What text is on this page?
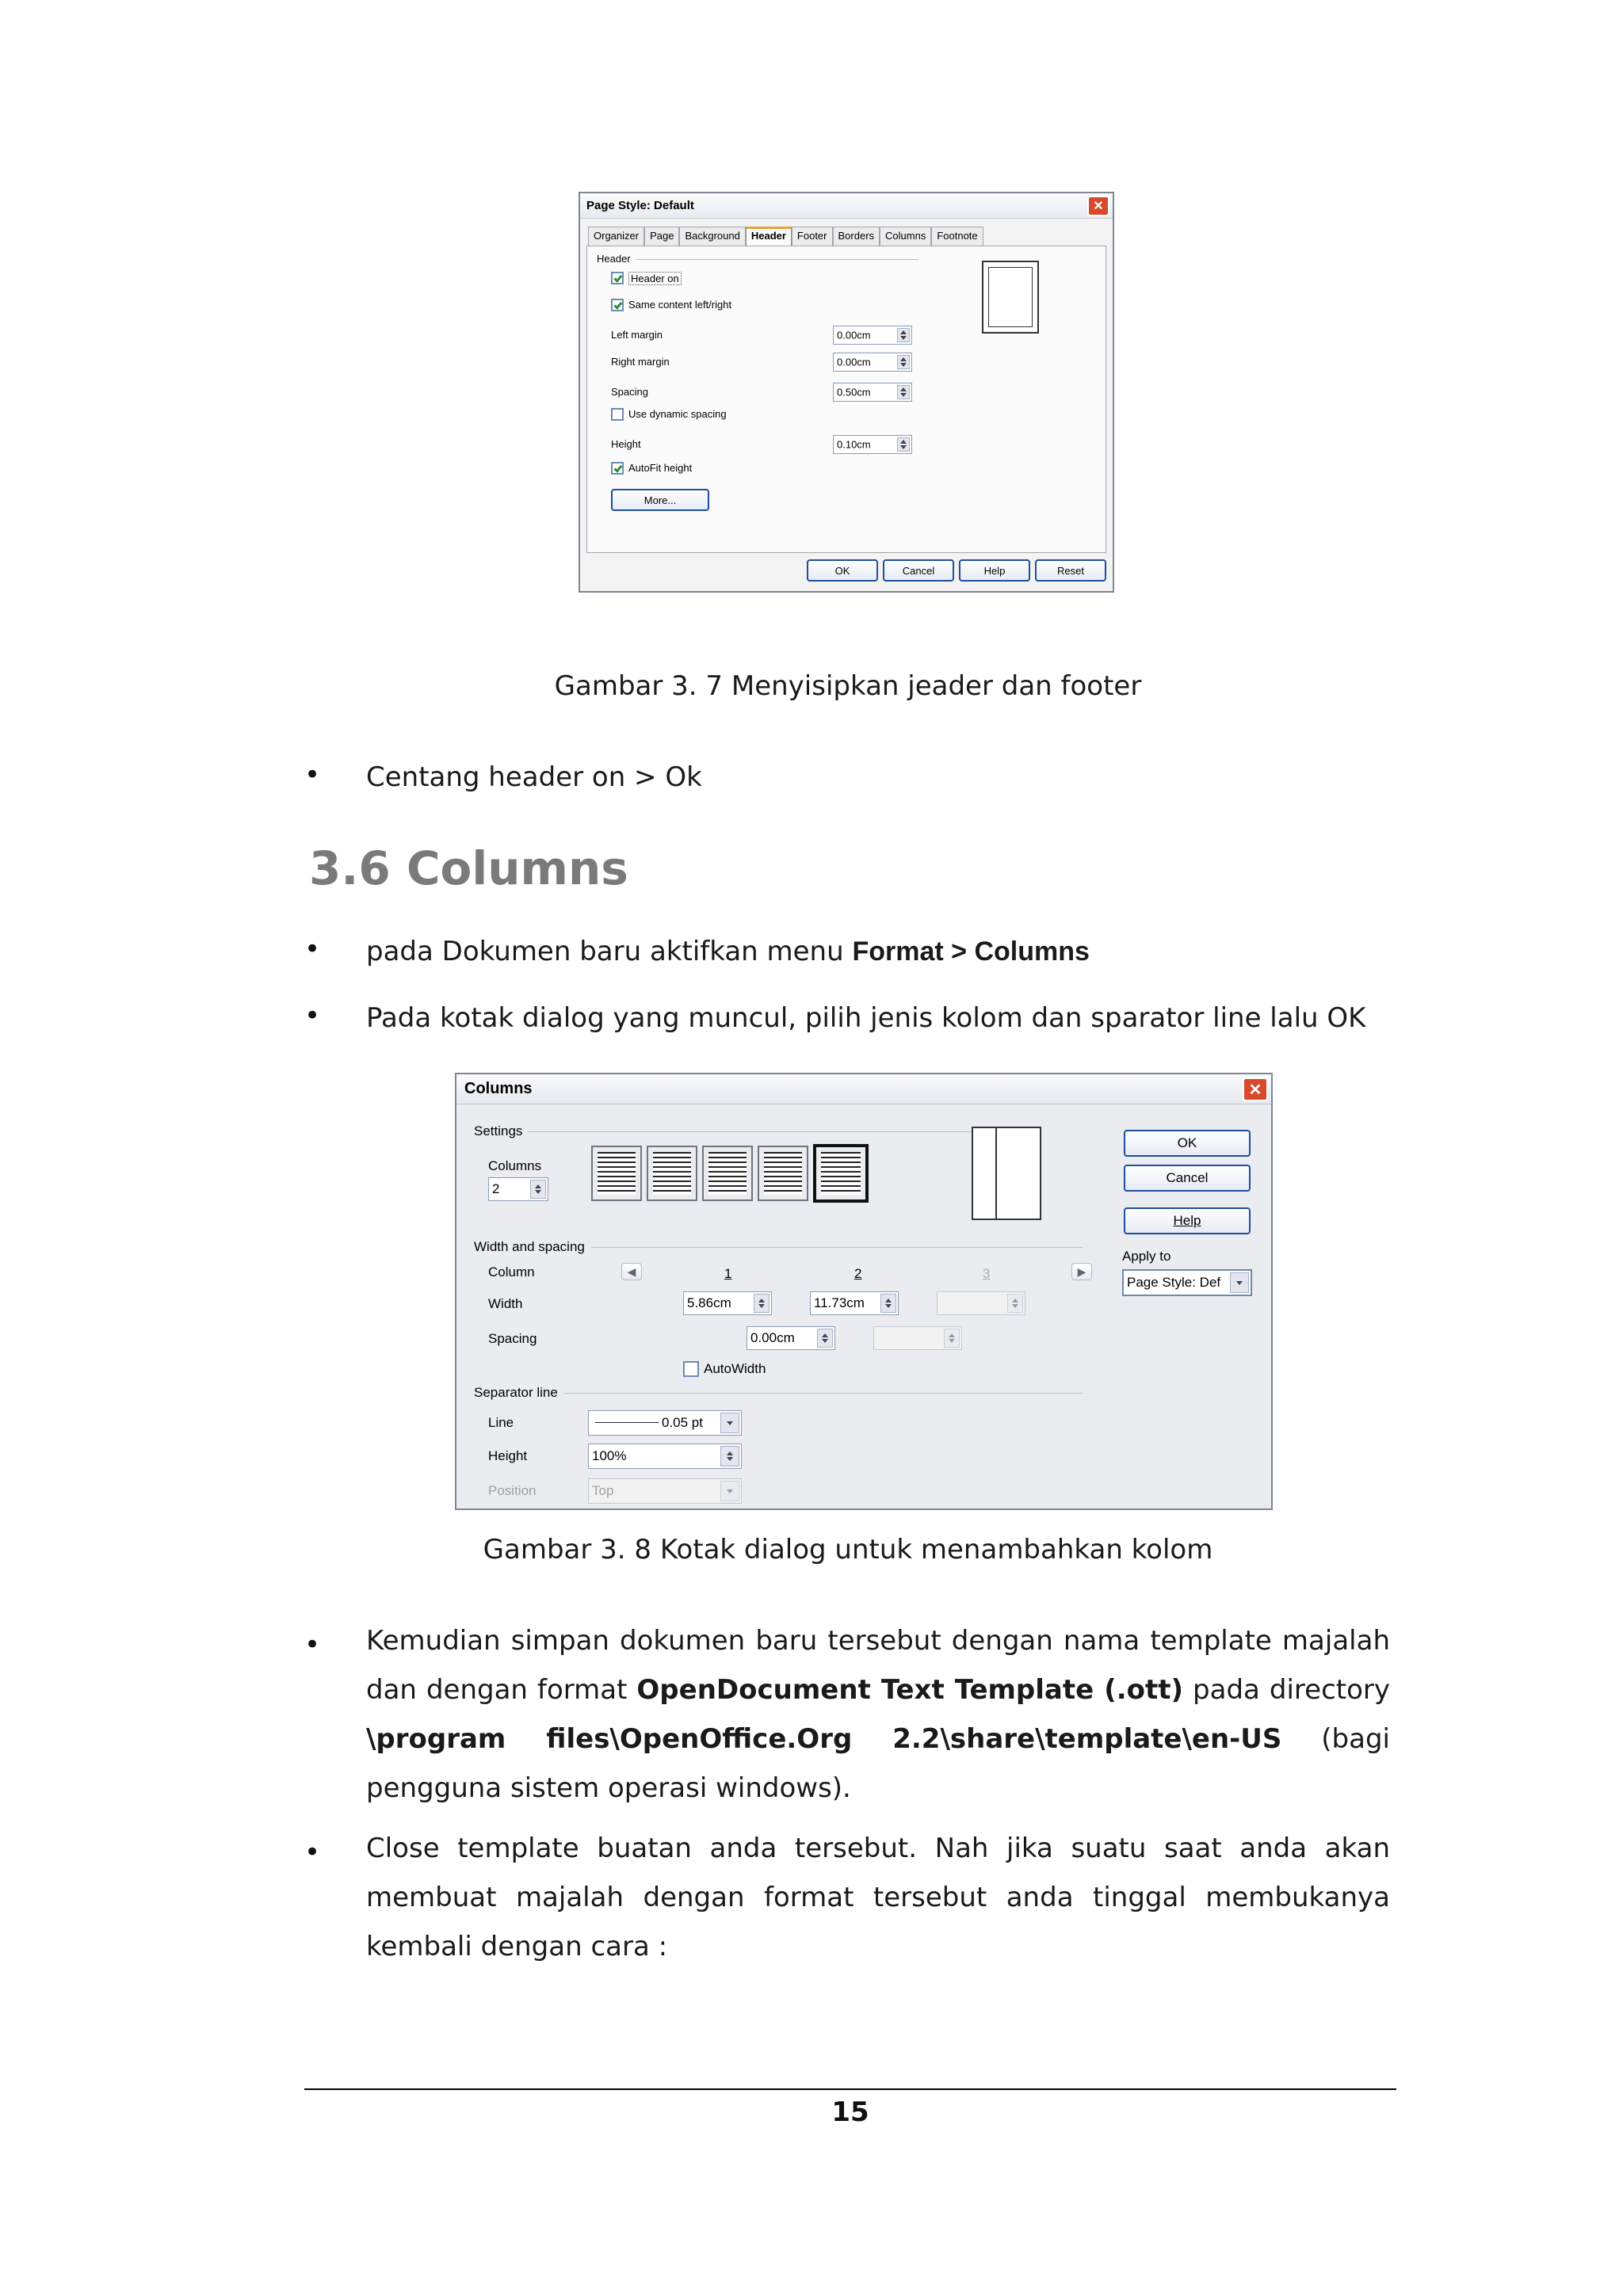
Page Style: Default	✕
Organizer	Page	Background	Header	Footer	Borders	Columns	Footnote
Header
Header on
Same content left/right
Left margin	0.00cm
Right margin	0.00cm
Spacing	0.50cm
Use dynamic spacing
Height	0.10cm
AutoFit height
More...
OK	Cancel	Help	Reset
Gambar 3. 7 Menyisipkan jeader dan footer
• Centang header on > Ok
3.6 Columns
• pada Dokumen baru aktifkan menu Format > Columns
• Pada kotak dialog yang muncul, pilih jenis kolom dan sparator line lalu OK
Columns	✕
Settings
Columns
2
Width and spacing
Column	◀	1	2	3	▶
Width	5.86cm	11.73cm
Spacing	0.00cm
AutoWidth
Separator line
Line	0.05 pt
Height	100%
Position	Top
OK
Cancel
Help
Apply to
Page Style: Def
Gambar 3. 8 Kotak dialog untuk menambahkan kolom
• Kemudian simpan dokumen baru tersebut dengan nama template majalah dan dengan format OpenDocument Text Template (.ott) pada directory \program files\OpenOffice.Org 2.2\share\template\en-US (bagi pengguna sistem operasi windows).
• Close template buatan anda tersebut. Nah jika suatu saat anda akan membuat majalah dengan format tersebut anda tinggal membukanya kembali dengan cara :
15
